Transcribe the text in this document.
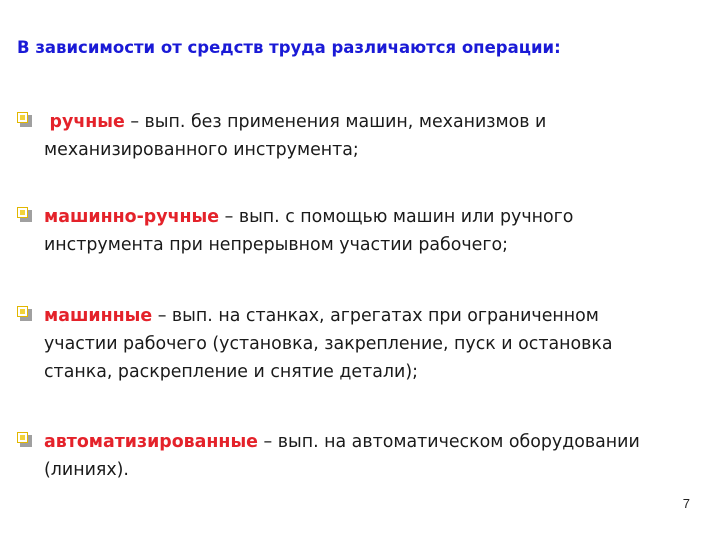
В зависимости от средств труда различаются операции:
ручные – вып. без применения машин, механизмов и
механизированного инструмента;
машинно-ручные – вып. с помощью машин или ручного
инструмента при непрерывном участии рабочего;
машинные – вып. на станках, агрегатах при ограниченном
участии рабочего (установка, закрепление, пуск и остановка
станка, раскрепление и снятие детали);
автоматизированные – вып. на автоматическом оборудовании
(линиях).
7
